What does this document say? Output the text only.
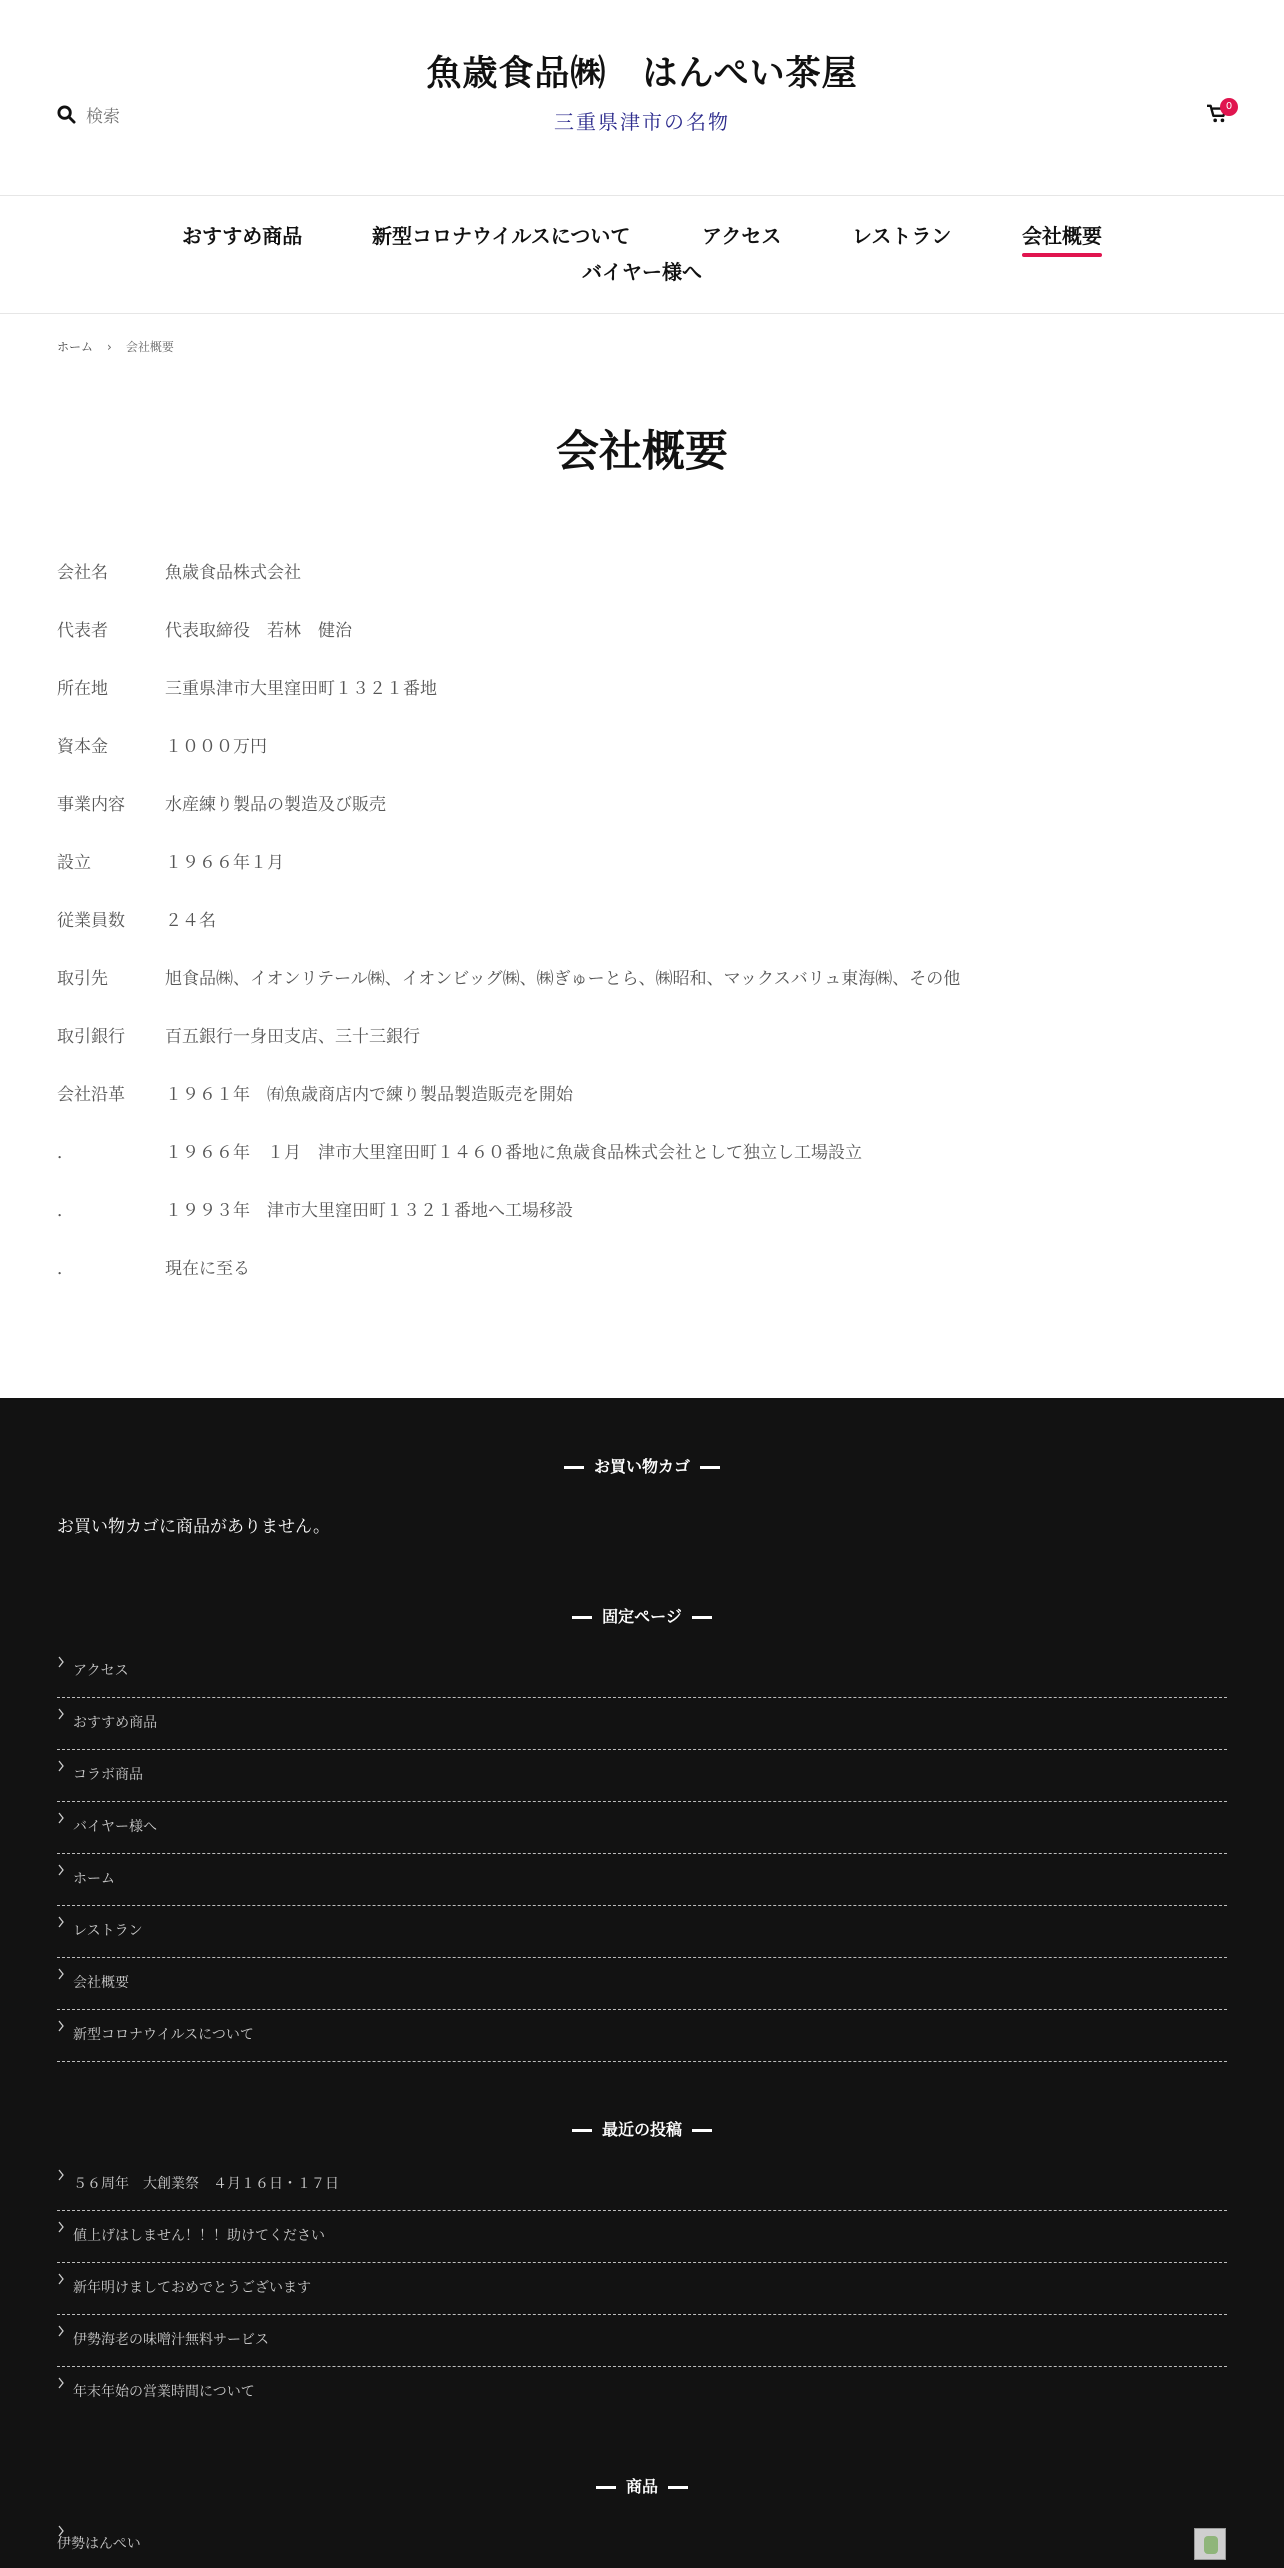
検索
魚歳食品㈱　はんぺい茶屋
三重県津市の名物
0
おすすめ商品	新型コロナウイルスについて	アクセス	レストラン	会社概要
バイヤー様へ
ホーム › 会社概要
会社概要
会社名	魚歳食品株式会社
代表者	代表取締役　若林　健治
所在地	三重県津市大里窪田町１３２１番地
資本金	１０００万円
事業内容 水産練り製品の製造及び販売
設立	１９６６年１月
従業員数 ２４名
取引先	旭食品㈱、イオンリテール㈱、イオンビッグ㈱、㈱ぎゅーとら、㈱昭和、マックスバリュ東海㈱、その他
取引銀行 百五銀行一身田支店、三十三銀行
会社沿革 １９６１年　㈲魚歳商店内で練り製品製造販売を開始
．	１９６６年　１月　津市大里窪田町１４６０番地に魚歳食品株式会社として独立し工場設立
．	１９９３年　津市大里窪田町１３２１番地へ工場移設
．	現在に至る
お買い物カゴ
お買い物カゴに商品がありません。
固定ページ
アクセス
おすすめ商品
コラボ商品
バイヤー様へ
ホーム
レストラン
会社概要
新型コロナウイルスについて
最近の投稿
５６周年　大創業祭　４月１６日・１７日
値上げはしません！！！助けてください
新年明けましておめでとうございます
伊勢海老の味噌汁無料サービス
年末年始の営業時間について
商品
伊勢はんぺい
